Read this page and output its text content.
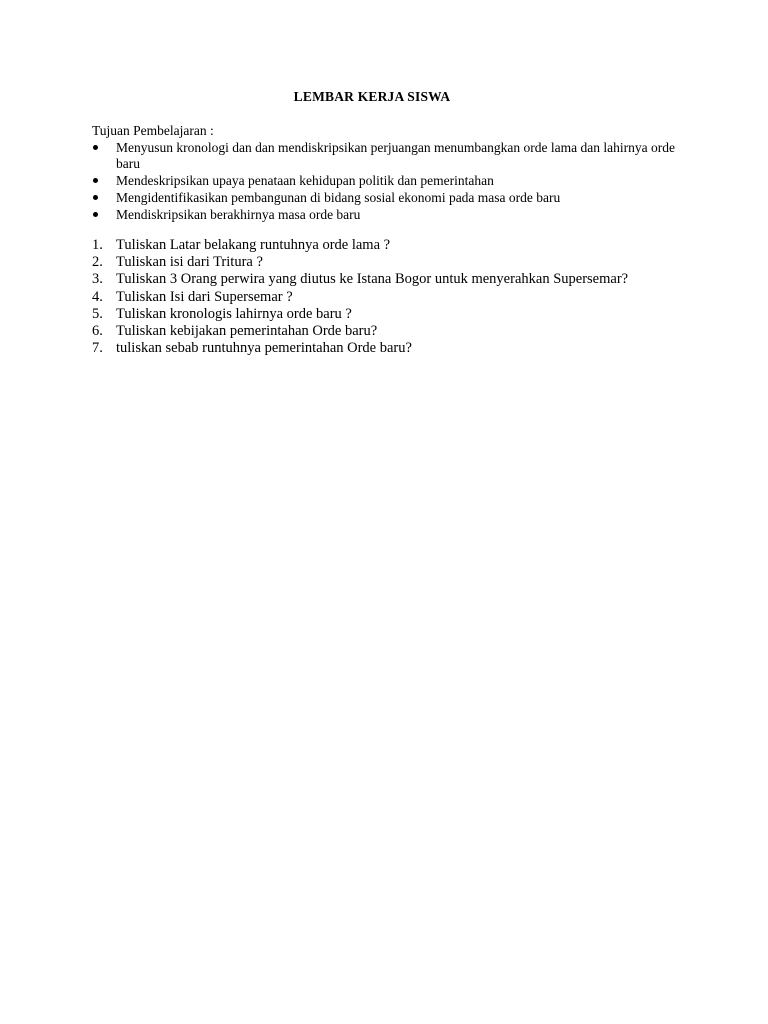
LEMBAR KERJA SISWA
Tujuan Pembelajaran :
Menyusun kronologi dan dan mendiskripsikan perjuangan menumbangkan orde lama dan lahirnya orde baru
Mendeskripsikan upaya penataan kehidupan politik dan pemerintahan
Mengidentifikasikan pembangunan di bidang sosial ekonomi pada masa orde baru
Mendiskripsikan berakhirnya masa orde baru
1. Tuliskan Latar belakang runtuhnya orde lama ?
2. Tuliskan isi dari Tritura ?
3. Tuliskan 3 Orang perwira yang diutus ke Istana Bogor untuk menyerahkan Supersemar?
4. Tuliskan Isi dari Supersemar ?
5. Tuliskan kronologis lahirnya orde baru ?
6. Tuliskan kebijakan pemerintahan Orde baru?
7. tuliskan sebab runtuhnya pemerintahan Orde baru?
